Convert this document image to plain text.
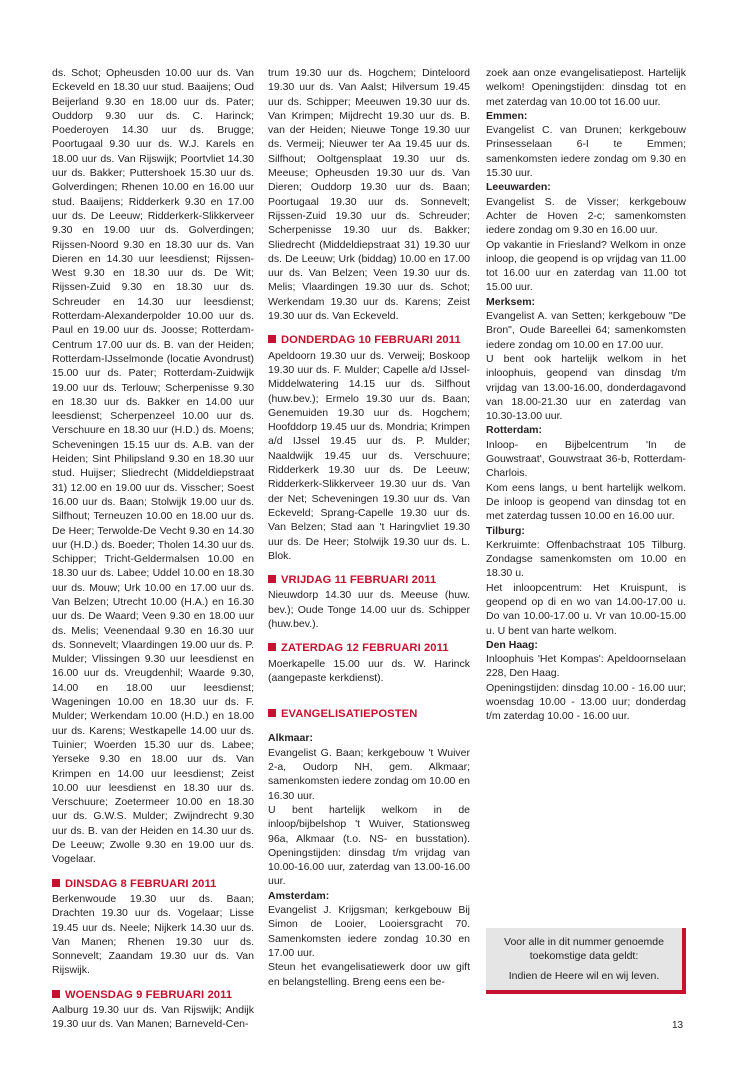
ds. Schot; Opheusden 10.00 uur ds. Van Eckeveld en 18.30 uur stud. Baaijens; Oud Beijerland 9.30 en 18.00 uur ds. Pater; Ouddorp 9.30 uur ds. C. Harinck; Poederoyen 14.30 uur ds. Brugge; Poortugaal 9.30 uur ds. W.J. Karels en 18.00 uur ds. Van Rijswijk; Poortvliet 14.30 uur ds. Bakker; Puttershoek 15.30 uur ds. Golverdingen; Rhenen 10.00 en 16.00 uur stud. Baaijens; Ridderkerk 9.30 en 17.00 uur ds. De Leeuw; Ridderkerk-Slikkerveer 9.30 en 19.00 uur ds. Golverdingen; Rijssen-Noord 9.30 en 18.30 uur ds. Van Dieren en 14.30 uur leesdienst; Rijssen-West 9.30 en 18.30 uur ds. De Wit; Rijssen-Zuid 9.30 en 18.30 uur ds. Schreuder en 14.30 uur leesdienst; Rotterdam-Alexanderpolder 10.00 uur ds. Paul en 19.00 uur ds. Joosse; Rotterdam-Centrum 17.00 uur ds. B. van der Heiden; Rotterdam-IJsselmonde (locatie Avondrust) 15.00 uur ds. Pater; Rotterdam-Zuidwijk 19.00 uur ds. Terlouw; Scherpenisse 9.30 en 18.30 uur ds. Bakker en 14.00 uur leesdienst; Scherpenzeel 10.00 uur ds. Verschuure en 18.30 uur (H.D.) ds. Moens; Scheveningen 15.15 uur ds. A.B. van der Heiden; Sint Philipsland 9.30 en 18.30 uur stud. Huijser; Sliedrecht (Middeldiepstraat 31) 12.00 en 19.00 uur ds. Visscher; Soest 16.00 uur ds. Baan; Stolwijk 19.00 uur ds. Silfhout; Terneuzen 10.00 en 18.00 uur ds. De Heer; Terwolde-De Vecht 9.30 en 14.30 uur (H.D.) ds. Boeder; Tholen 14.30 uur ds. Schipper; Tricht-Geldermalsen 10.00 en 18.30 uur ds. Labee; Uddel 10.00 en 18.30 uur ds. Mouw; Urk 10.00 en 17.00 uur ds. Van Belzen; Utrecht 10.00 (H.A.) en 16.30 uur ds. De Waard; Veen 9.30 en 18.00 uur ds. Melis; Veenendaal 9.30 en 16.30 uur ds. Sonnevelt; Vlaardingen 19.00 uur ds. P. Mulder; Vlissingen 9.30 uur leesdienst en 16.00 uur ds. Vreugdenhil; Waarde 9.30, 14.00 en 18.00 uur leesdienst; Wageningen 10.00 en 18.30 uur ds. F. Mulder; Werkendam 10.00 (H.D.) en 18.00 uur ds. Karens; Westkapelle 14.00 uur ds. Tuinier; Woerden 15.30 uur ds. Labee; Yerseke 9.30 en 18.00 uur ds. Van Krimpen en 14.00 uur leesdienst; Zeist 10.00 uur leesdienst en 18.30 uur ds. Verschuure; Zoetermeer 10.00 en 18.30 uur ds. G.W.S. Mulder; Zwijndrecht 9.30 uur ds. B. van der Heiden en 14.30 uur ds. De Leeuw; Zwolle 9.30 en 19.00 uur ds. Vogelaar.

DINSDAG 8 FEBRUARI 2011

Berkenwoude 19.30 uur ds. Baan; Drachten 19.30 uur ds. Vogelaar; Lisse 19.45 uur ds. Neele; Nijkerk 14.30 uur ds. Van Manen; Rhenen 19.30 uur ds. Sonnevelt; Zaandam 19.30 uur ds. Van Rijswijk.

WOENSDAG 9 FEBRUARI 2011

Aalburg 19.30 uur ds. Van Rijswijk; Andijk 19.30 uur ds. Van Manen; Barneveld-Cen-

trum 19.30 uur ds. Hogchem; Dinteloord 19.30 uur ds. Van Aalst; Hilversum 19.45 uur ds. Schipper; Meeuwen 19.30 uur ds. Van Krimpen; Mijdrecht 19.30 uur ds. B. van der Heiden; Nieuwe Tonge 19.30 uur ds. Vermeij; Nieuwer ter Aa 19.45 uur ds. Silfhout; Ooltgensplaat 19.30 uur ds. Meeuse; Opheusden 19.30 uur ds. Van Dieren; Ouddorp 19.30 uur ds. Baan; Poortugaal 19.30 uur ds. Sonnevelt; Rijssen-Zuid 19.30 uur ds. Schreuder; Scherpenisse 19.30 uur ds. Bakker; Sliedrecht (Middeldiepstraat 31) 19.30 uur ds. De Leeuw; Urk (biddag) 10.00 en 17.00 uur ds. Van Belzen; Veen 19.30 uur ds. Melis; Vlaardingen 19.30 uur ds. Schot; Werkendam 19.30 uur ds. Karens; Zeist 19.30 uur ds. Van Eckeveld.

DONDERDAG 10 FEBRUARI 2011

Apeldoorn 19.30 uur ds. Verweij; Boskoop 19.30 uur ds. F. Mulder; Capelle a/d IJssel-Middelwatering 14.15 uur ds. Silfhout (huw.bev.); Ermelo 19.30 uur ds. Baan; Genemuiden 19.30 uur ds. Hogchem; Hoofddorp 19.45 uur ds. Mondria; Krimpen a/d IJssel 19.45 uur ds. P. Mulder; Naaldwijk 19.45 uur ds. Verschuure; Ridderkerk 19.30 uur ds. De Leeuw; Ridderkerk-Slikkerveer 19.30 uur ds. Van der Net; Scheveningen 19.30 uur ds. Van Eckeveld; Sprang-Capelle 19.30 uur ds. Van Belzen; Stad aan 't Haringvliet 19.30 uur ds. De Heer; Stolwijk 19.30 uur ds. L. Blok.

VRIJDAG 11 FEBRUARI 2011

Nieuwdorp 14.30 uur ds. Meeuse (huw. bev.); Oude Tonge 14.00 uur ds. Schipper (huw.bev.).

ZATERDAG 12 FEBRUARI 2011

Moerkapelle 15.00 uur ds. W. Harinck (aangepaste kerkdienst).

EVANGELISATIEPOSTEN

Alkmaar:

Evangelist G. Baan; kerkgebouw 't Wuiver 2-a, Oudorp NH, gem. Alkmaar; samenkomsten iedere zondag om 10.00 en 16.30 uur.

U bent hartelijk welkom in de inloop/bijbelshop 't Wuiver, Stationsweg 96a, Alkmaar (t.o. NS- en busstation). Openingstijden: dinsdag t/m vrijdag van 10.00-16.00 uur, zaterdag van 13.00-16.00 uur.

Amsterdam:

Evangelist J. Krijgsman; kerkgebouw Bij Simon de Looier, Looiersgracht 70. Samenkomsten iedere zondag 10.30 en 17.00 uur.

Steun het evangelisatiewerk door uw gift en belangstelling. Breng eens een be-

zoek aan onze evangelisatiepost. Hartelijk welkom! Openingstijden: dinsdag tot en met zaterdag van 10.00 tot 16.00 uur.

Emmen:

Evangelist C. van Drunen; kerkgebouw Prinsesselaan 6-I te Emmen; samenkomsten iedere zondag om 9.30 en 15.30 uur.

Leeuwarden:

Evangelist S. de Visser; kerkgebouw Achter de Hoven 2-c; samenkomsten iedere zondag om 9.30 en 16.00 uur.

Op vakantie in Friesland? Welkom in onze inloop, die geopend is op vrijdag van 11.00 tot 16.00 uur en zaterdag van 11.00 tot 15.00 uur.

Merksem:

Evangelist A. van Setten; kerkgebouw "De Bron", Oude Bareellei 64; samenkomsten iedere zondag om 10.00 en 17.00 uur.

U bent ook hartelijk welkom in het inloophuis, geopend van dinsdag t/m vrijdag van 13.00-16.00, donderdagavond van 18.00-21.30 uur en zaterdag van 10.30-13.00 uur.

Rotterdam:

Inloop- en Bijbelcentrum 'In de Gouwstraat', Gouwstraat 36-b, Rotterdam-Charlois.

Kom eens langs, u bent hartelijk welkom. De inloop is geopend van dinsdag tot en met zaterdag tussen 10.00 en 16.00 uur.

Tilburg:

Kerkruimte: Offenbachstraat 105 Tilburg. Zondagse samenkomsten om 10.00 en 18.30 u.

Het inloopcentrum: Het Kruispunt, is geopend op di en wo van 14.00-17.00 u. Do van 10.00-17.00 u. Vr van 10.00-15.00 u. U bent van harte welkom.

Den Haag:

Inloophuis 'Het Kompas': Apeldoornselaan 228, Den Haag.

Openingstijden: dinsdag 10.00 - 16.00 uur; woensdag 10.00 - 13.00 uur; donderdag t/m zaterdag 10.00 - 16.00 uur.

Voor alle in dit nummer genoemde toekomstige data geldt:

Indien de Heere wil en wij leven.

13
